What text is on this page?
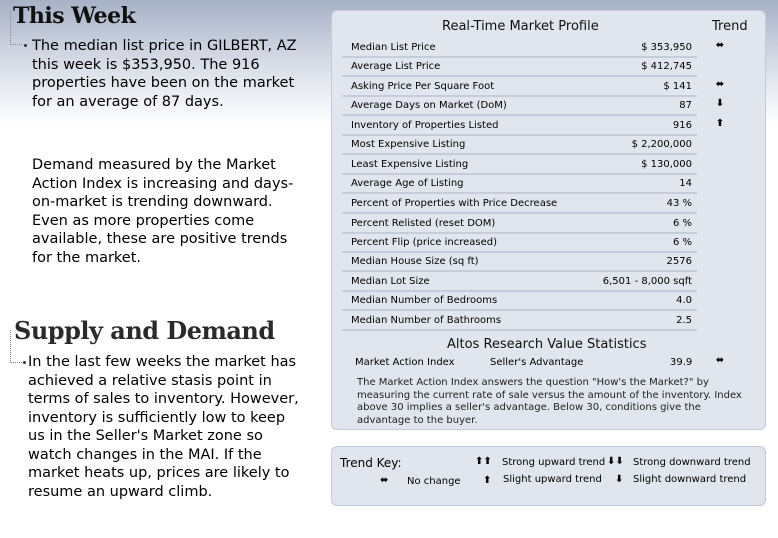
This Week
The median list price in GILBERT, AZ this week is $353,950. The 916 properties have been on the market for an average of 87 days.
Demand measured by the Market Action Index is increasing and days-on-market is trending downward. Even as more properties come available, these are positive trends for the market.
Supply and Demand
In the last few weeks the market has achieved a relative stasis point in terms of sales to inventory. However, inventory is sufficiently low to keep us in the Seller's Market zone so watch changes in the MAI. If the market heats up, prices are likely to resume an upward climb.
Real-Time Market Profile	Trend
Median List Price	$ 353,950	⬌
Average List Price	$ 412,745
Asking Price Per Square Foot	$ 141	⬌
Average Days on Market (DoM)	87	⬇
Inventory of Properties Listed	916	⬆
Most Expensive Listing	$ 2,200,000
Least Expensive Listing	$ 130,000
Average Age of Listing	14
Percent of Properties with Price Decrease	43 %
Percent Relisted (reset DOM)	6 %
Percent Flip (price increased)	6 %
Median House Size (sq ft)	2576
Median Lot Size	6,501 - 8,000 sqft
Median Number of Bedrooms	4.0
Median Number of Bathrooms	2.5
Altos Research Value Statistics
Market Action Index	Seller's Advantage	39.9	⬌
The Market Action Index answers the question "How's the Market?" by measuring the current rate of sale versus the amount of the inventory. Index above 30 implies a seller's advantage. Below 30, conditions give the advantage to the buyer.
Trend Key:	⬆⬆ Strong upward trend ⬇⬇ Strong downward trend
⬌ No change ⬆ Slight upward trend ⬇ Slight downward trend
